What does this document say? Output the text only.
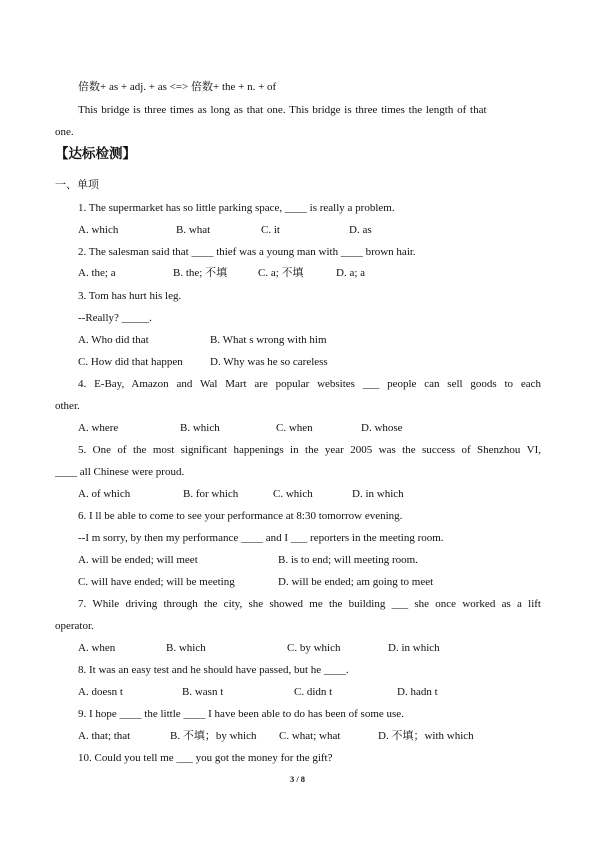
倍数+ as + adj. + as <=> 倍数+ the + n. + of
This bridge is three times as long as that one. This bridge is three times the length of that
one.
【达标检测】
一、单项
1. The supermarket has so little parking space, ____ is really a problem.
A. which	B. what	C. it	D. as
2. The salesman said that ____ thief was a young man with ____ brown hair.
A. the; a	B. the; 不填	C. a; 不填	D. a; a
3. Tom has hurt his leg.
--Really? _____.
A. Who did that	B. What s wrong with him
C. How did that happen D. Why was he so careless
4. E-Bay, Amazon and Wal Mart are popular websites ___ people can sell goods to each
other.
A. where	B. which	C. when	D. whose
5. One of the most significant happenings in the year 2005 was the success of Shenzhou VI,
____ all Chinese were proud.
A. of which	B. for which	C. which	D. in which
6. I ll be able to come to see your performance at 8:30 tomorrow evening.
--I m sorry, by then my performance ____ and I ___ reporters in the meeting room.
A. will be ended; will meet	B. is to end; will meeting room.
C. will have ended; will be meeting	D. will be ended; am going to meet
7. While driving through the city, she showed me the building ___ she once worked as a lift
operator.
A. when	B. which	C. by which	D. in which
8. It was an easy test and he should have passed, but he ____.
A. doesn t	B. wasn t	C. didn t	D. hadn t
9. I hope ____ the little ____ I have been able to do has been of some use.
A. that; that	B. 不填；by which C. what; what	D. 不填；with which
10. Could you tell me ___ you got the money for the gift?
3 / 8
